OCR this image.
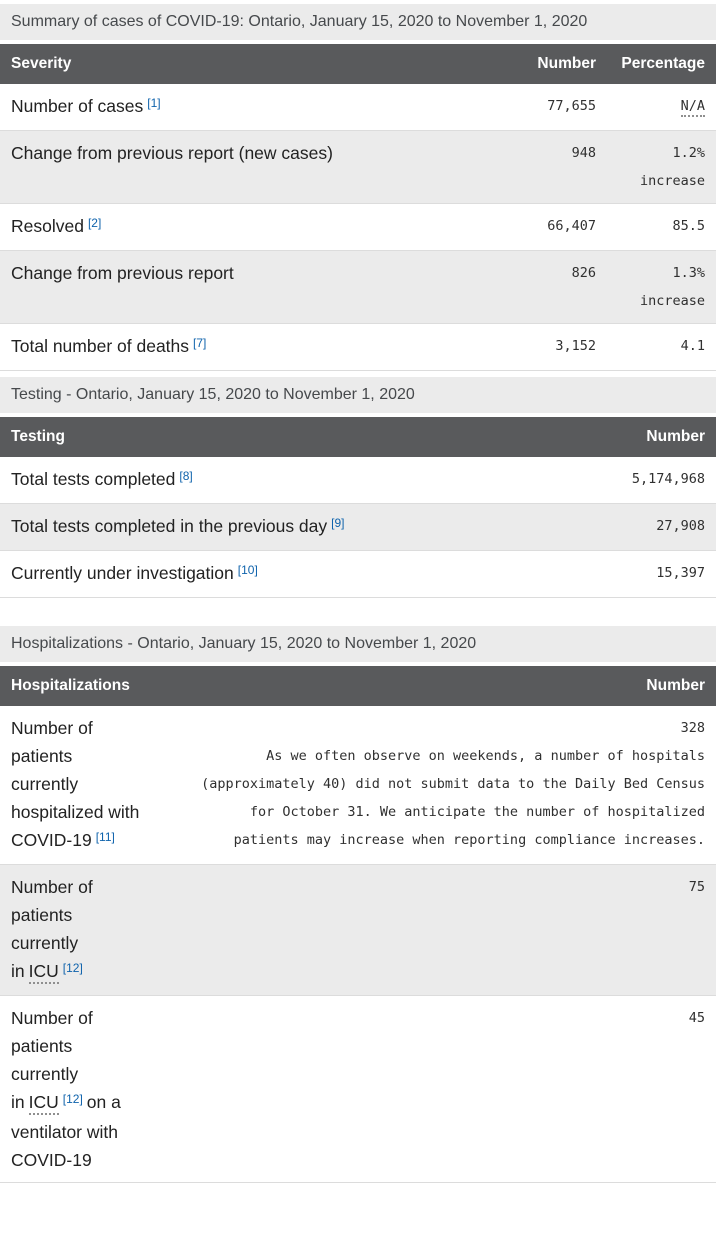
Summary of cases of COVID-19: Ontario, January 15, 2020 to November 1, 2020
Severity	Number	Percentage
Number of cases [1]	77,655	N/A
Change from previous report (new cases)	948	1.2%
increase

Resolved [2]	66,407	85.5
Change from previous report	826	1.3%
increase

Total number of deaths [7]	3,152	4.1
Testing - Ontario, January 15, 2020 to November 1, 2020
Testing	Number
Total tests completed [8]	5,174,968
Total tests completed in the previous day [9]	27,908
Currently under investigation [10]	15,397
Hospitalizations - Ontario, January 15, 2020 to November 1, 2020
Hospitalizations	Number
Number of patients currently hospitalized with COVID-19 [11]	328
As we often observe on weekends, a number of hospitals (approximately 40) did not submit data to the Daily Bed Census for October 31. We anticipate the number of hospitalized patients may increase when reporting compliance increases.

Number of patients currently in ICU [12]	75

Number of patients currently in ICU [12] on a ventilator with COVID-19	45
